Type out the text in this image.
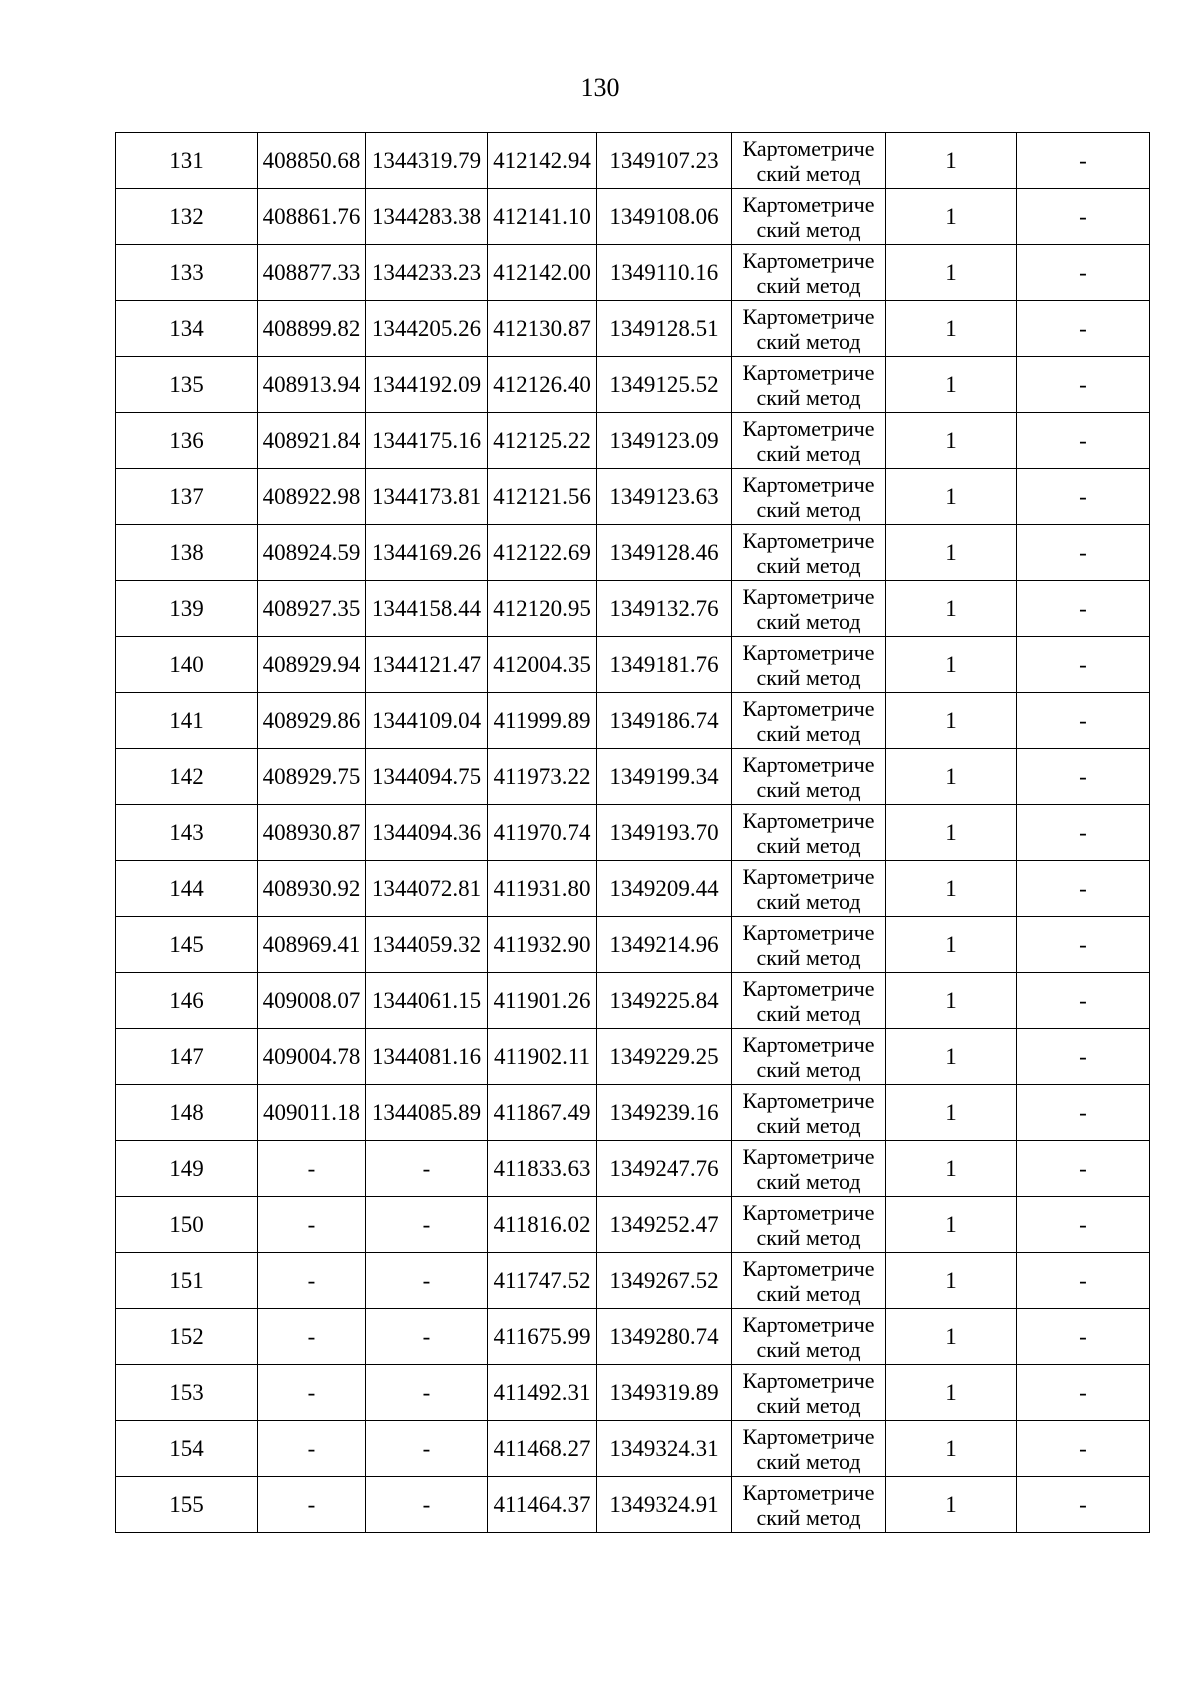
130
131	408850.68	1344319.79	412142.94	1349107.23	Картометриче
ский метод	1	-
132	408861.76	1344283.38	412141.10	1349108.06	Картометриче
ский метод	1	-
133	408877.33	1344233.23	412142.00	1349110.16	Картометриче
ский метод	1	-
134	408899.82	1344205.26	412130.87	1349128.51	Картометриче
ский метод	1	-
135	408913.94	1344192.09	412126.40	1349125.52	Картометриче
ский метод	1	-
136	408921.84	1344175.16	412125.22	1349123.09	Картометриче
ский метод	1	-
137	408922.98	1344173.81	412121.56	1349123.63	Картометриче
ский метод	1	-
138	408924.59	1344169.26	412122.69	1349128.46	Картометриче
ский метод	1	-
139	408927.35	1344158.44	412120.95	1349132.76	Картометриче
ский метод	1	-
140	408929.94	1344121.47	412004.35	1349181.76	Картометриче
ский метод	1	-
141	408929.86	1344109.04	411999.89	1349186.74	Картометриче
ский метод	1	-
142	408929.75	1344094.75	411973.22	1349199.34	Картометриче
ский метод	1	-
143	408930.87	1344094.36	411970.74	1349193.70	Картометриче
ский метод	1	-
144	408930.92	1344072.81	411931.80	1349209.44	Картометриче
ский метод	1	-
145	408969.41	1344059.32	411932.90	1349214.96	Картометриче
ский метод	1	-
146	409008.07	1344061.15	411901.26	1349225.84	Картометриче
ский метод	1	-
147	409004.78	1344081.16	411902.11	1349229.25	Картометриче
ский метод	1	-
148	409011.18	1344085.89	411867.49	1349239.16	Картометриче
ский метод	1	-
149	-	-	411833.63	1349247.76	Картометриче
ский метод	1	-
150	-	-	411816.02	1349252.47	Картометриче
ский метод	1	-
151	-	-	411747.52	1349267.52	Картометриче
ский метод	1	-
152	-	-	411675.99	1349280.74	Картометриче
ский метод	1	-
153	-	-	411492.31	1349319.89	Картометриче
ский метод	1	-
154	-	-	411468.27	1349324.31	Картометриче
ский метод	1	-
155	-	-	411464.37	1349324.91	Картометриче
ский метод	1	-
